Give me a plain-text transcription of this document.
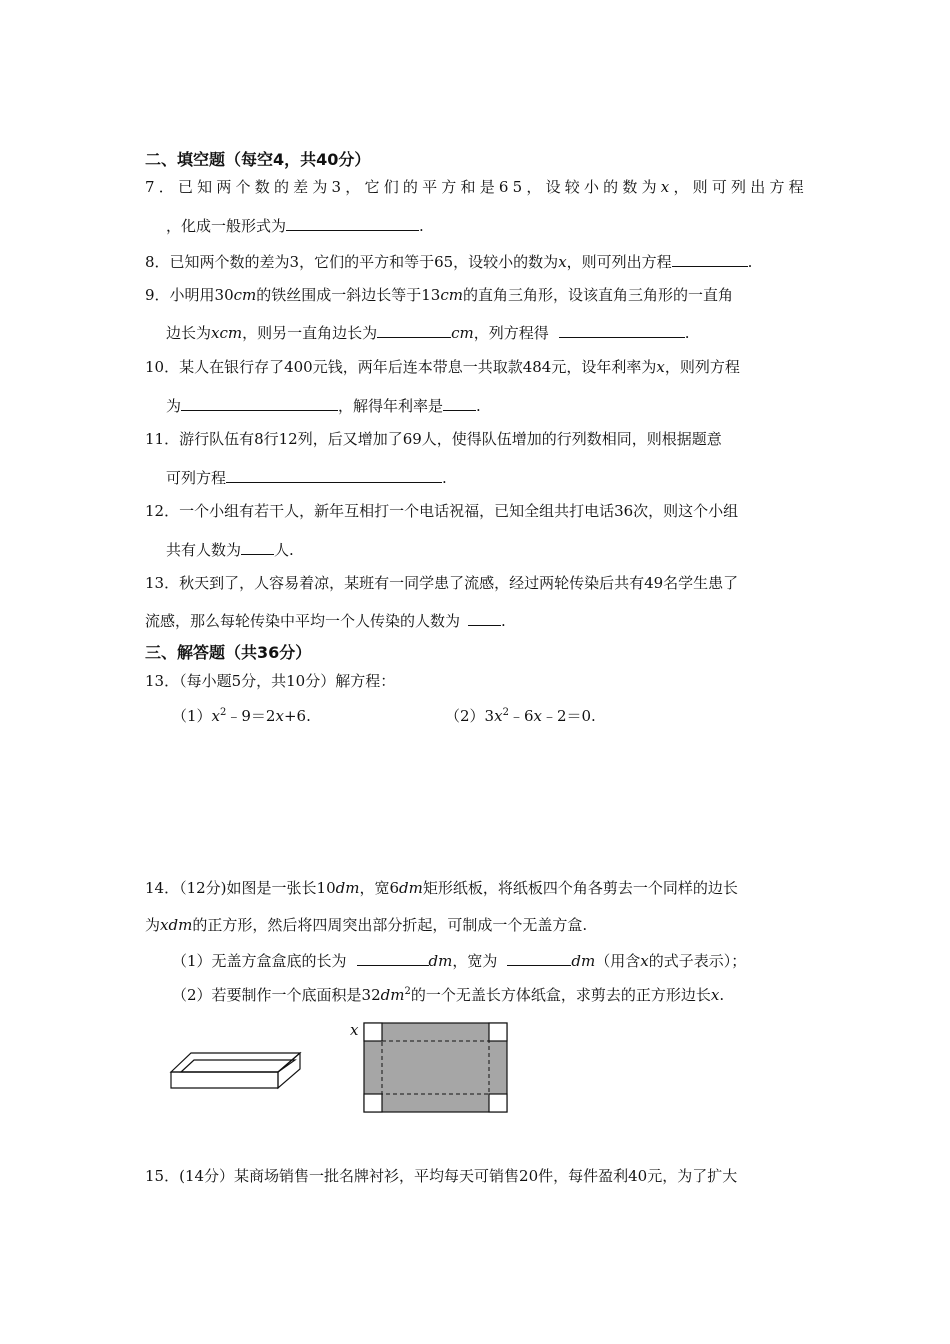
二、填空题（每空4，共40分）
7．已知两个数的差为3，它们的平方和是65，设较小的数为x，则可列出方程
，化成一般形式为	.
8．已知两个数的差为3，它们的平方和等于65，设较小的数为x，则可列出方程	.
9．小明用30cm的铁丝围成一斜边长等于13cm的直角三角形，设该直角三角形的一直角
边长为xcm，则另一直角边长为	cm，列方程得	.
10．某人在银行存了400元钱，两年后连本带息一共取款484元，设年利率为x，则列方程
为	，解得年利率是 .
11．游行队伍有8行12列，后又增加了69人，使得队伍增加的行列数相同，则根据题意
可列方程	.
12．一个小组有若干人，新年互相打一个电话祝福，已知全组共打电话36次，则这个小组
共有人数为 人.
13．秋天到了，人容易着凉，某班有一同学患了流感，经过两轮传染后共有49名学生患了
流感，那么每轮传染中平均一个人传染的人数为	.
三、解答题（共36分）
13．（每小题5分，共10分）解方程：
$(1)x^2﹣9=2x+6$.	$(2)3x^2﹣6x﹣2=0$.
14．（12分)如图是一张长10dm，宽6dm矩形纸板，将纸板四个角各剪去一个同样的边长
为xdm的正方形，然后将四周突出部分折起，可制成一个无盖方盒.
（1）无盖方盒盒底的长为	dm，宽为	dm（用含x的式子表示）；
（2）若要制作一个底面积是$32dm^2$的一个无盖长方体纸盒，求剪去的正方形边长x.
x
15．(14分）某商场销售一批名牌衬衫，平均每天可销售20件，每件盈利40元，为了扩大
